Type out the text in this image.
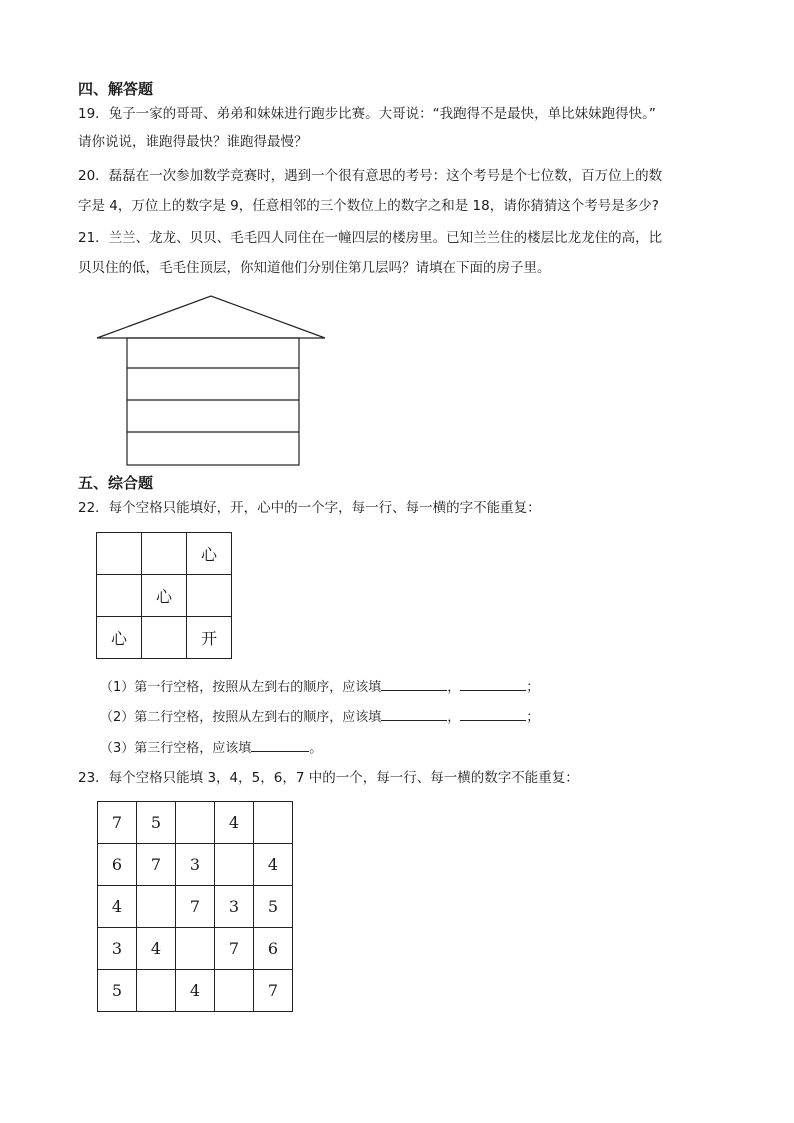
四、解答题
19．兔子一家的哥哥、弟弟和妹妹进行跑步比赛。大哥说：“我跑得不是最快，单比妹妹跑得快。”
请你说说，谁跑得最快？谁跑得最慢？
20．磊磊在一次参加数学竞赛时，遇到一个很有意思的考号：这个考号是个七位数，百万位上的数
字是 4，万位上的数字是 9，任意相邻的三个数位上的数字之和是 18，请你猜猜这个考号是多少?
21．兰兰、龙龙、贝贝、毛毛四人同住在一幢四层的楼房里。已知兰兰住的楼层比龙龙住的高，比
贝贝住的低，毛毛住顶层，你知道他们分别住第几层吗？请填在下面的房子里。
五、综合题
22．每个空格只能填好，开，心中的一个字，每一行、每一横的字不能重复：
		心
	心	
心		开
（1）第一行空格，按照从左到右的顺序，应该填	，	；
（2）第二行空格，按照从左到右的顺序，应该填	，	；
（3）第三行空格，应该填	。
23．每个空格只能填 3，4，5，6，7 中的一个，每一行、每一横的数字不能重复：
7	5		4	
6	7	3		4
4		7	3	5
3	4		7	6
5		4		7
